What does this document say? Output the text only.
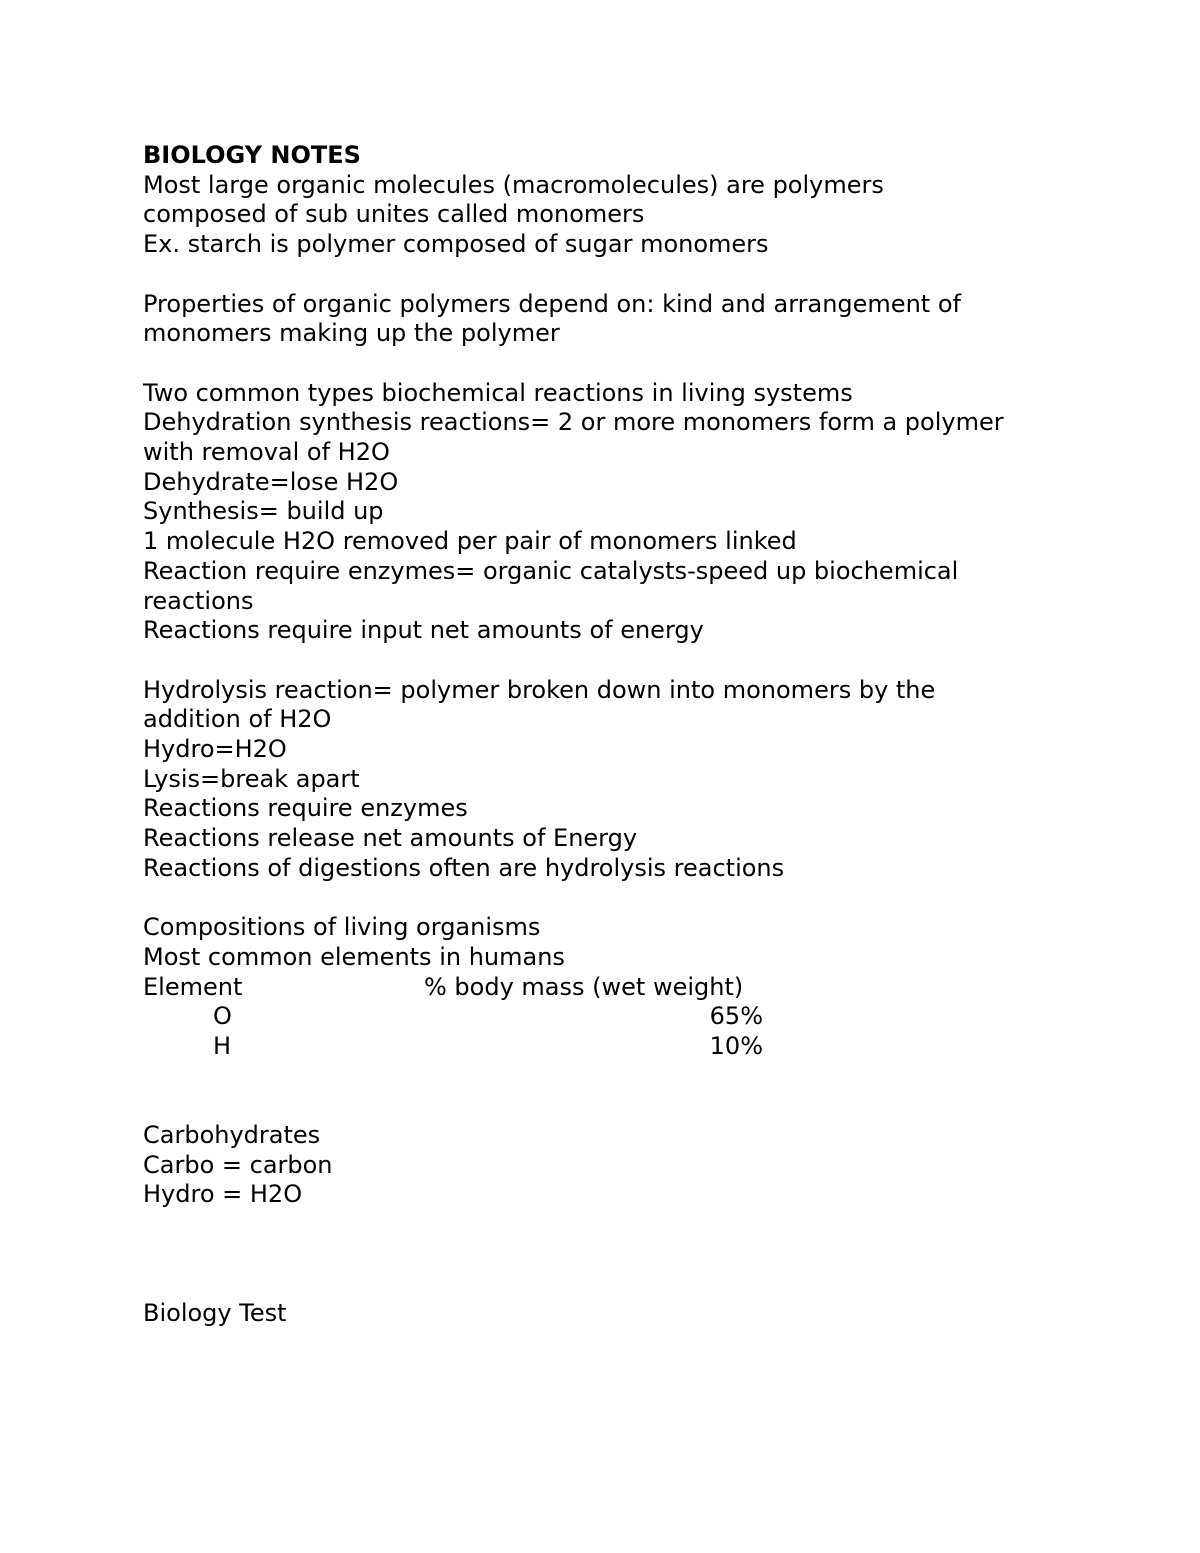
BIOLOGY NOTES
Most large organic molecules (macromolecules) are polymers
composed of sub unites called monomers
Ex. starch is polymer composed of sugar monomers
Properties of organic polymers depend on: kind and arrangement of
monomers making up the polymer
Two common types biochemical reactions in living systems
Dehydration synthesis reactions= 2 or more monomers form a polymer
with removal of H2O
Dehydrate=lose H2O
Synthesis= build up
1 molecule H2O removed per pair of monomers linked
Reaction require enzymes= organic catalysts-speed up biochemical
reactions
Reactions require input net amounts of energy
Hydrolysis reaction= polymer broken down into monomers by the
addition of H2O
Hydro=H2O
Lysis=break apart
Reactions require enzymes
Reactions release net amounts of Energy
Reactions of digestions often are hydrolysis reactions
Compositions of living organisms
Most common elements in humans
Element	% body mass (wet weight)
O	65%
H	10%
Carbohydrates
Carbo = carbon
Hydro = H2O
Biology Test
